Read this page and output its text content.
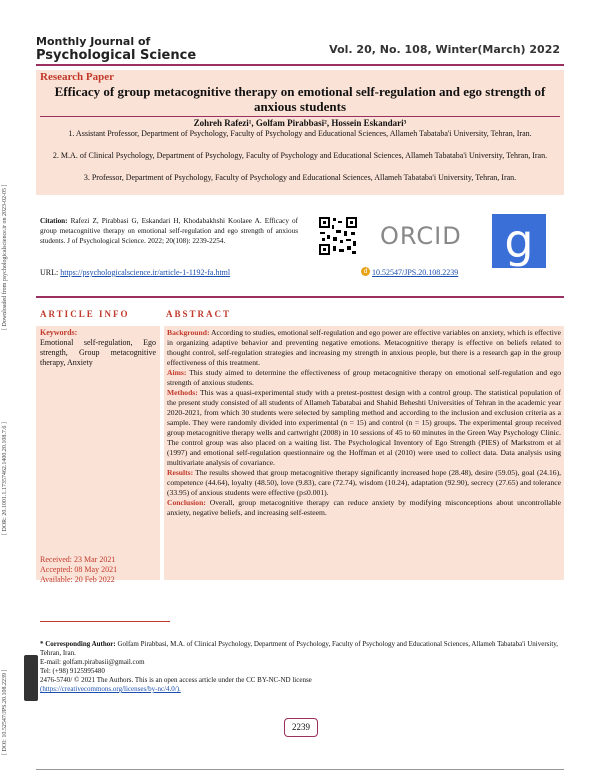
[ Downloaded from psychologicalscience.ir on 2023-02-05 ]
[ DOR: 20.1001.1.17357462.1400.20.108.7.6 ]
[ DOI: 10.52547/JPS.20.108.2239 ]
Monthly Journal of
Psychological Science	Vol. 20, No. 108, Winter(March) 2022
Research Paper
Efficacy of group metacognitive therapy on emotional self-regulation and ego strength of anxious students
Zohreh Rafezi¹, Golfam Pirabbasi², Hossein Eskandari³
1. Assistant Professor, Department of Psychology, Faculty of Psychology and Educational Sciences, Allameh Tabataba'i University, Tehran, Iran.
2. M.A. of Clinical Psychology, Department of Psychology, Faculty of Psychology and Educational Sciences, Allameh Tabataba'i University, Tehran, Iran.
3. Professor, Department of Psychology, Faculty of Psychology and Educational Sciences, Allameh Tabataba'i University, Tehran, Iran.
Citation: Rafezi Z, Pirabbasi G, Eskandari H, Khodabakhshi Koolaee A. Efficacy of group metacognitive therapy on emotional self-regulation and ego strength of anxious students. J of Psychological Science. 2022; 20(108): 2239-2254.	ORCID g
URL: https://psychologicalscience.ir/article-1-1192-fa.html	d 10.52547/JPS.20.108.2239
ARTICLE INFO	ABSTRACT
Keywords:
Emotional self-regulation, Ego strength, Group metacognitive therapy, Anxiety
Received: 23 Mar 2021
Accepted: 08 May 2021
Available: 20 Feb 2022
Background: According to studies, emotional self-regulation and ego power are effective variables on anxiety, which is effective in organizing adaptive behavior and preventing negative emotions. Metacognitive therapy is effective on beliefs related to thought control, self-regulation strategies and increasing my strength in anxious people, but there is a research gap in the group effectiveness of this treatment.
Aims: This study aimed to determine the effectiveness of group metacognitive therapy on emotional self-regulation and ego strength of anxious students.
Methods: This was a quasi-experimental study with a pretest-posttest design with a control group. The statistical population of the present study consisted of all students of Allameh Tabatabai and Shahid Beheshti Universities of Tehran in the academic year 2020-2021, from which 30 students were selected by sampling method and according to the inclusion and exclusion criteria as a sample. They were randomly divided into experimental (n = 15) and control (n = 15) groups. The experimental group received group metacognitive therapy wells and cartwright (2008) in 10 sessions of 45 to 60 minutes in the Green Way Psychology Clinic. The control group was also placed on a waiting list. The Psychological Inventory of Ego Strength (PIES) of Markstrom et al (1997) and emotional self-regulation questionnaire og the Hoffman et al (2010) were used to collect data. Data analysis using multivariate analysis of covariance.
Results: The results showed that group metacognitive therapy significantly increased hope (28.48), desire (59.05), goal (24.16), competence (44.64), loyalty (48.50), love (9.83), care (72.74), wisdom (10.24), adaptation (92.90), secrecy (27.65) and tolerance (33.95) of anxious students were effective (p≤0.001).
Conclusion: Overall, group metacognitive therapy can reduce anxiety by modifying misconceptions about uncontrollable anxiety, negative beliefs, and increasing self-esteem.
* Corresponding Author: Golfam Pirabbasi, M.A. of Clinical Psychology, Department of Psychology, Faculty of Psychology and Educational Sciences, Allameh Tabataba'i University, Tehran, Iran.
E-mail: golfam.pirabasii@gmail.com
Tel: (+98) 9125995480
2476-5740/ © 2021 The Authors. This is an open access article under the CC BY-NC-ND license
(https://creativecommons.org/licenses/by-nc/4.0/).
2239
